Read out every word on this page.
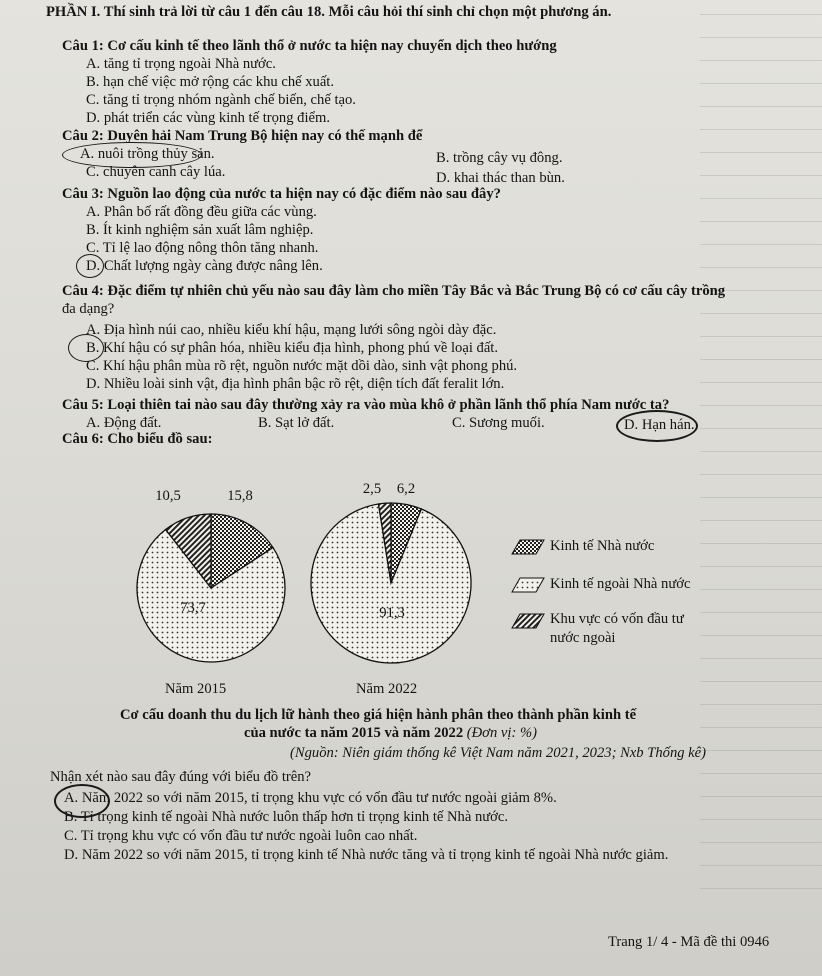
PHẦN I. Thí sinh trả lời từ câu 1 đến câu 18. Mỗi câu hỏi thí sinh chỉ chọn một phương án.
Câu 1: Cơ cấu kinh tế theo lãnh thổ ở nước ta hiện nay chuyển dịch theo hướng
A. tăng tỉ trọng ngoài Nhà nước.
B. hạn chế việc mở rộng các khu chế xuất.
C. tăng tỉ trọng nhóm ngành chế biến, chế tạo.
D. phát triển các vùng kinh tế trọng điểm.
Câu 2: Duyên hải Nam Trung Bộ hiện nay có thế mạnh để
A. nuôi trồng thủy sản.	B. trồng cây vụ đông.
C. chuyên canh cây lúa.	D. khai thác than bùn.
Câu 3: Nguồn lao động của nước ta hiện nay có đặc điểm nào sau đây?
A. Phân bố rất đồng đều giữa các vùng.
B. Ít kinh nghiệm sản xuất lâm nghiệp.
C. Tỉ lệ lao động nông thôn tăng nhanh.
D. Chất lượng ngày càng được nâng lên.
Câu 4: Đặc điểm tự nhiên chủ yếu nào sau đây làm cho miền Tây Bắc và Bắc Trung Bộ có cơ cấu cây trồng
đa dạng?
A. Địa hình núi cao, nhiều kiểu khí hậu, mạng lưới sông ngòi dày đặc.
B. Khí hậu có sự phân hóa, nhiều kiểu địa hình, phong phú về loại đất.
C. Khí hậu phân mùa rõ rệt, nguồn nước mặt dồi dào, sinh vật phong phú.
D. Nhiều loài sinh vật, địa hình phân bậc rõ rệt, diện tích đất feralit lớn.
Câu 5: Loại thiên tai nào sau đây thường xảy ra vào mùa khô ở phần lãnh thổ phía Nam nước ta?
A. Động đất.	B. Sạt lở đất.	C. Sương muối.	D. Hạn hán.
Câu 6: Cho biểu đồ sau:
15,8
73,7
10,5	6,2
91,3
2,5
Năm 2015	Năm 2022
Kinh tế Nhà nước
Kinh tế ngoài Nhà nước
Khu vực có vốn đầu tư
nước ngoài
Cơ cấu doanh thu du lịch lữ hành theo giá hiện hành phân theo thành phần kinh tế
của nước ta năm 2015 và năm 2022 (Đơn vị: %)
(Nguồn: Niên giám thống kê Việt Nam năm 2021, 2023; Nxb Thống kê)
Nhận xét nào sau đây đúng với biểu đồ trên?
A. Năm 2022 so với năm 2015, tỉ trọng khu vực có vốn đầu tư nước ngoài giảm 8%.
B. Tỉ trọng kinh tế ngoài Nhà nước luôn thấp hơn tỉ trọng kinh tế Nhà nước.
C. Tỉ trọng khu vực có vốn đầu tư nước ngoài luôn cao nhất.
D. Năm 2022 so với năm 2015, tỉ trọng kinh tế Nhà nước tăng và tỉ trọng kinh tế ngoài Nhà nước giảm.
Trang 1/ 4 - Mã đề thi 0946
